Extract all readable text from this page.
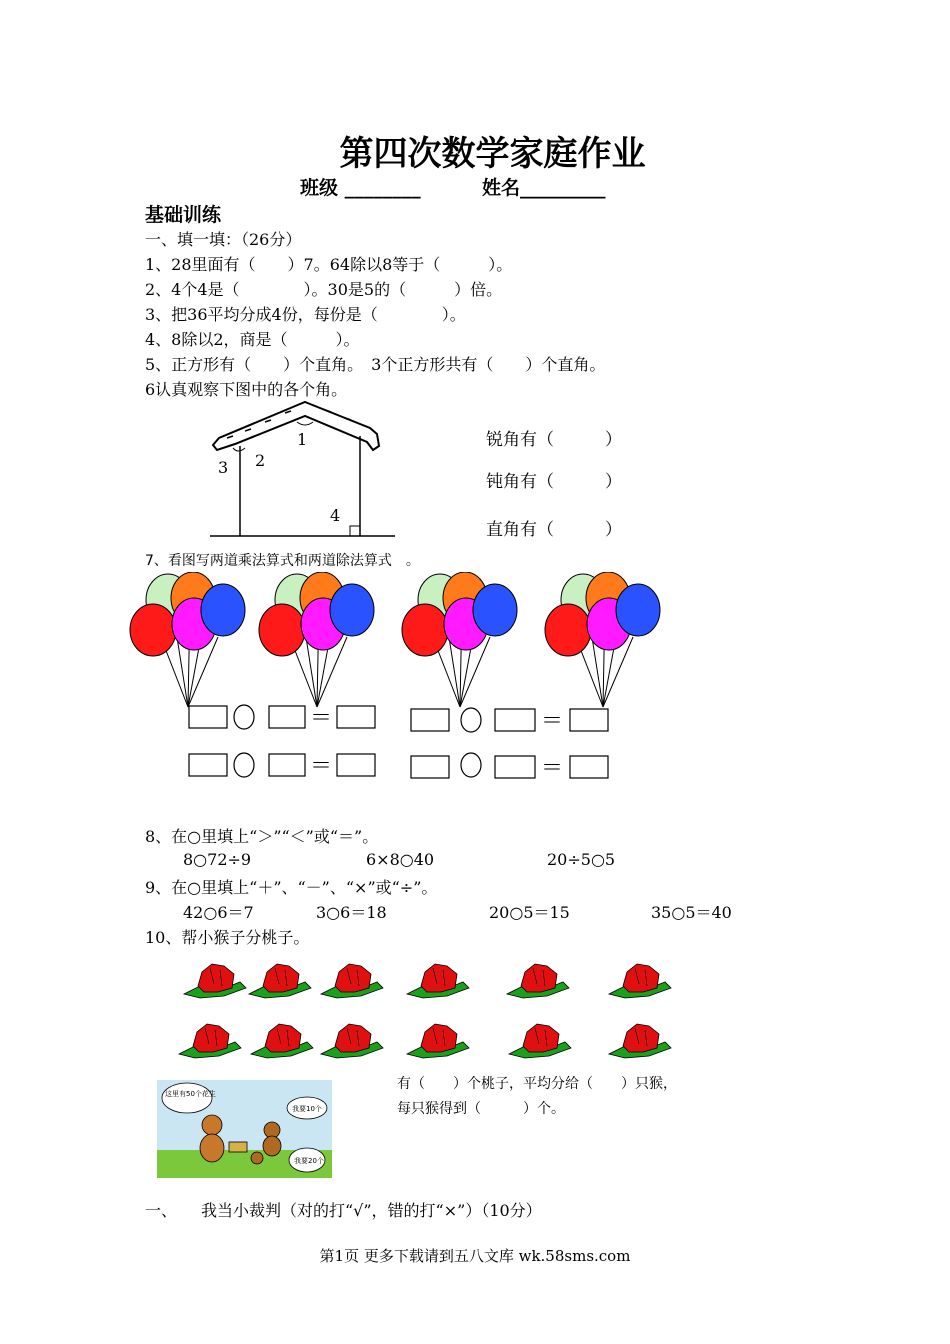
第四次数学家庭作业
班级 ________	姓名_________
基础训练
一、填一填：（26分）
1、28里面有（　　）7。64除以8等于（　　　）。
2、4个4是（　　　　）。30是5的（　　　）倍。
3、把36平均分成4份，每份是（　　　　）。
4、8除以2，商是（　　　）。
5、正方形有（　　）个直角。　3个正方形共有（　　）个直角。
6认真观察下图中的各个角。
1
2
3
4
锐角有（　　　）
钝角有（　　　）
直角有（　　　）
7、看图写两道乘法算式和两道除法算式　。
＝	＝
＝	＝
8、在○里填上“＞”“＜”或“＝”。
8○72÷9	6×8○40	20÷5○5
9、在○里填上“＋”、“－”、“×”或“÷”。
42○6＝7	3○6＝18	20○5＝15	35○5＝40
10、帮小猴子分桃子。
这里有50个花生
我要10个
我要20个
有（　　）个桃子，平均分给（　　）只猴，
每只猴得到（　　　）个。
一、　　我当小裁判（对的打“√”，错的打“×”）（10分）
第1页 更多下载请到五八文库 wk.58sms.com
